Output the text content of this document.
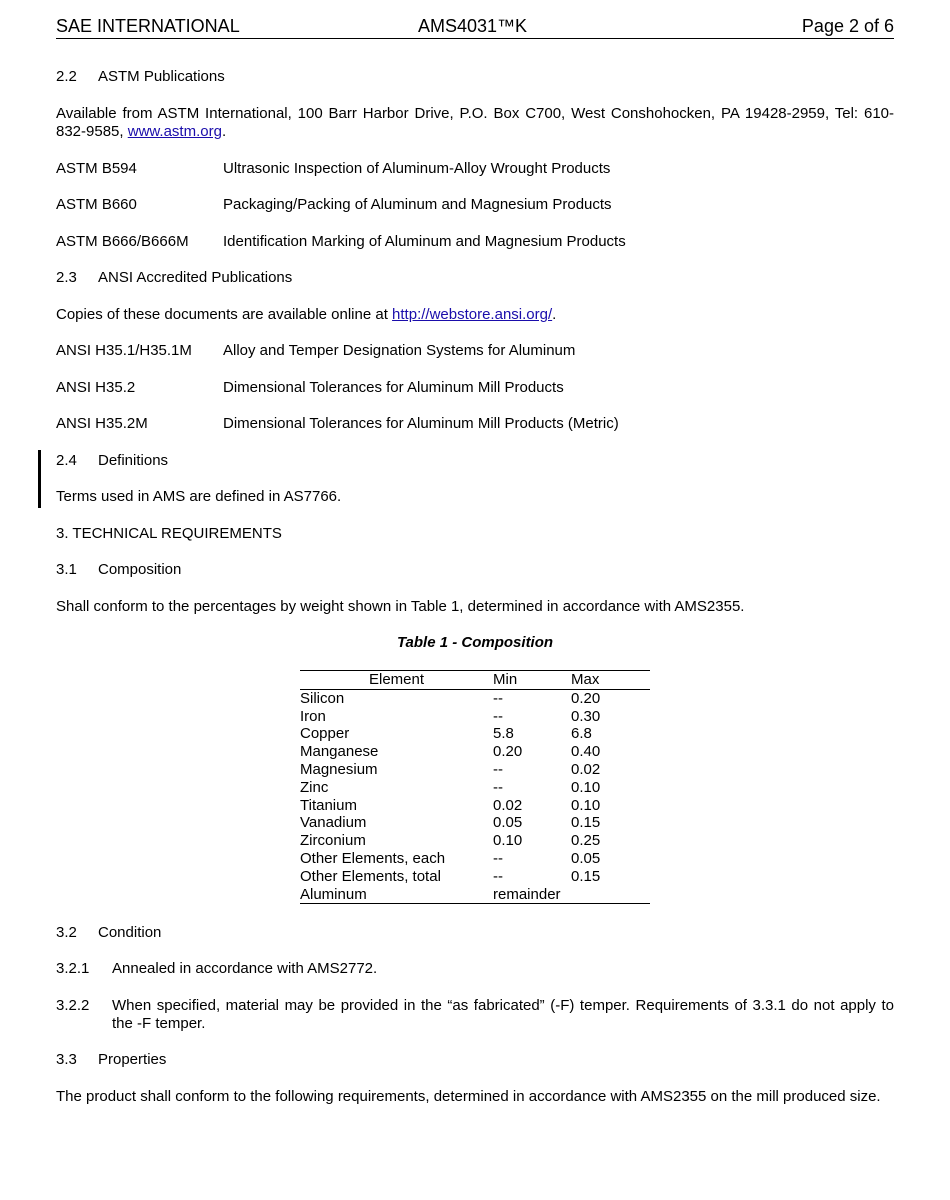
SAE INTERNATIONAL	AMS4031™K	Page 2 of 6
2.2 ASTM Publications
Available from ASTM International, 100 Barr Harbor Drive, P.O. Box C700, West Conshohocken, PA 19428-2959, Tel: 610-832-9585, www.astm.org.
ASTM B594	Ultrasonic Inspection of Aluminum-Alloy Wrought Products
ASTM B660	Packaging/Packing of Aluminum and Magnesium Products
ASTM B666/B666M Identification Marking of Aluminum and Magnesium Products
2.3 ANSI Accredited Publications
Copies of these documents are available online at http://webstore.ansi.org/.
ANSI H35.1/H35.1M Alloy and Temper Designation Systems for Aluminum
ANSI H35.2	Dimensional Tolerances for Aluminum Mill Products
ANSI H35.2M	Dimensional Tolerances for Aluminum Mill Products (Metric)
2.4 Definitions
Terms used in AMS are defined in AS7766.
3. TECHNICAL REQUIREMENTS
3.1 Composition
Shall conform to the percentages by weight shown in Table 1, determined in accordance with AMS2355.
Table 1 - Composition
Element	Min	Max
Silicon	--	0.20
Iron	--	0.30
Copper	5.8	6.8
Manganese	0.20	0.40
Magnesium	--	0.02
Zinc	--	0.10
Titanium	0.02	0.10
Vanadium	0.05	0.15
Zirconium	0.10	0.25
Other Elements, each	--	0.05
Other Elements, total	--	0.15
Aluminum	remainder	
3.2 Condition
3.2.1 Annealed in accordance with AMS2772.
3.2.2 When specified, material may be provided in the “as fabricated” (-F) temper. Requirements of 3.3.1 do not apply to the -F temper.
3.3 Properties
The product shall conform to the following requirements, determined in accordance with AMS2355 on the mill produced size.
